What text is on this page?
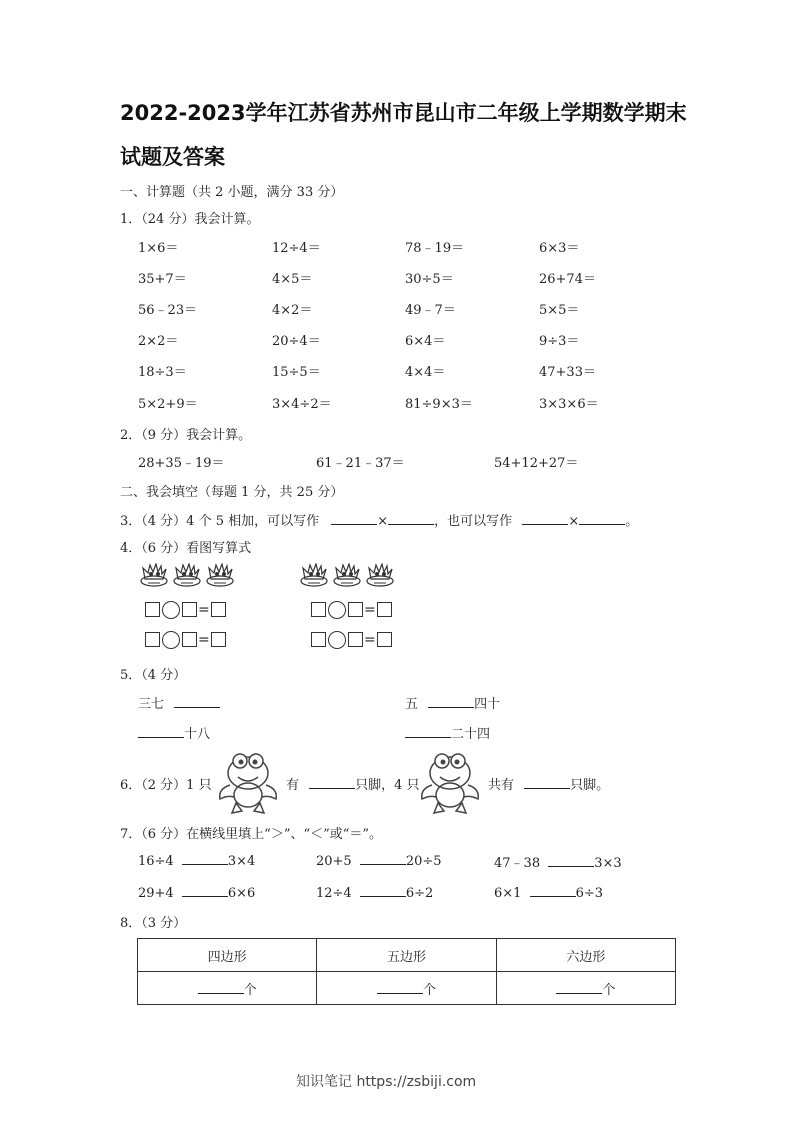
2022-2023学年江苏省苏州市昆山市二年级上学期数学期末
试题及答案
一、计算题（共 2 小题，满分 33 分）
1．（24 分）我会计算。
1×6＝	12÷4＝	78﹣19＝	6×3＝
35+7＝	4×5＝	30÷5＝	26+74＝
56﹣23＝	4×2＝	49﹣7＝	5×5＝
2×2＝	20÷4＝	6×4＝	9÷3＝
18÷3＝	15÷5＝	4×4＝	47+33＝
5×2+9＝	3×4÷2＝	81÷9×3＝	3×3×6＝
2．（9 分）我会计算。
28+35﹣19＝	61﹣21﹣37＝	54+12+27＝
二、我会填空（每题 1 分，共 25 分）
3．（4 分）4 个 5 相加，可以写作	×	，也可以写作	×	。
4．（6 分）看图写算式
=
=
=
=
5．（4 分）
三七	五	四十
十八	二十四
6．（2 分）1 只	有	只脚，4 只	共有	只脚。
7．（6 分）在横线里填上“＞”、“＜”或“＝”。
16÷4	3×4	20+5	20÷5	47﹣38	3×3
29+4	6×6	12÷4	6÷2	6×1	6÷3
8．（3 分）
四边形	五边形	六边形
个	个	个
知识笔记 https://zsbiji.com
